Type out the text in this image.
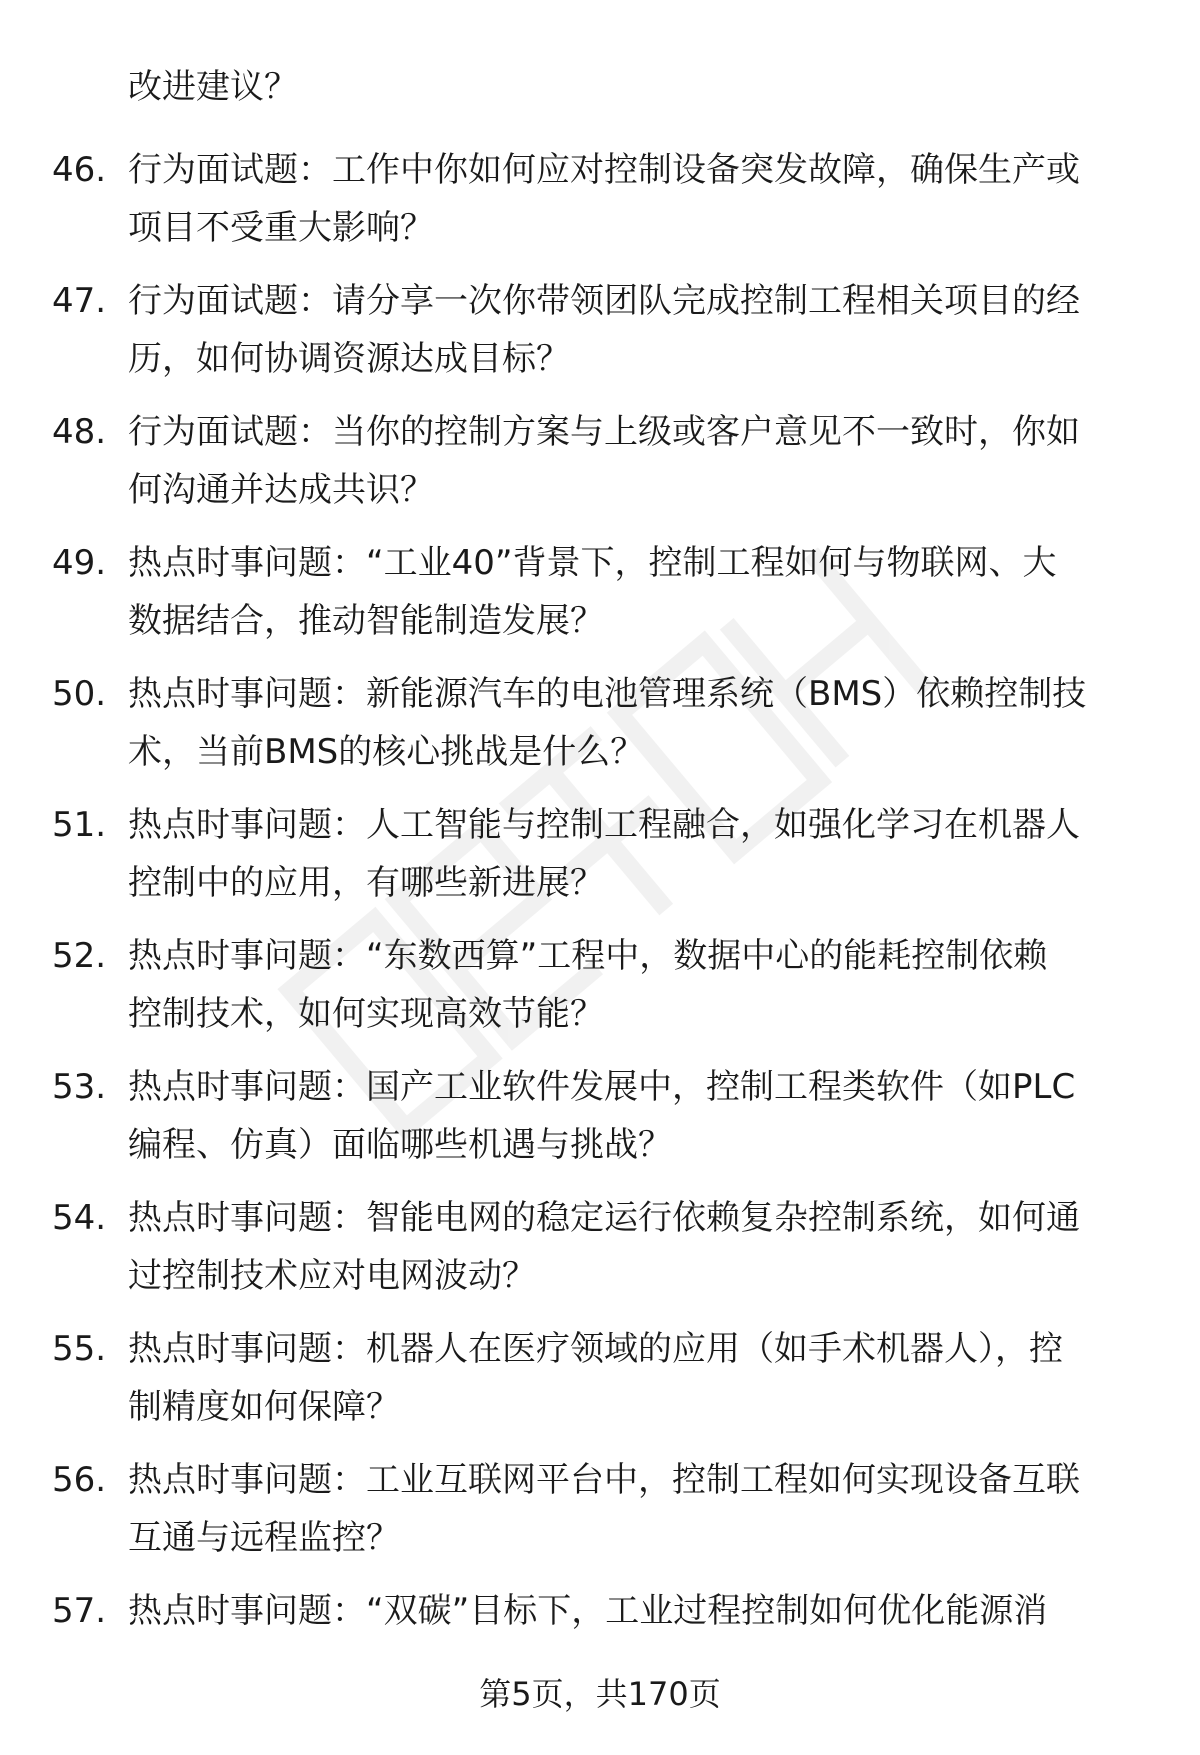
改进建议？
46. 行为面试题：工作中你如何应对控制设备突发故障，确保生产或
项目不受重大影响？
47. 行为面试题：请分享一次你带领团队完成控制工程相关项目的经
历，如何协调资源达成目标？
48. 行为面试题：当你的控制方案与上级或客户意见不一致时，你如
何沟通并达成共识？
49. 热点时事问题：“工业40”背景下，控制工程如何与物联网、大
数据结合，推动智能制造发展？
50. 热点时事问题：新能源汽车的电池管理系统（BMS）依赖控制技
术，当前BMS的核心挑战是什么？
51. 热点时事问题：人工智能与控制工程融合，如强化学习在机器人
控制中的应用，有哪些新进展？
52. 热点时事问题：“东数西算”工程中，数据中心的能耗控制依赖
控制技术，如何实现高效节能？
53. 热点时事问题：国产工业软件发展中，控制工程类软件（如PLC
编程、仿真）面临哪些机遇与挑战？
54. 热点时事问题：智能电网的稳定运行依赖复杂控制系统，如何通
过控制技术应对电网波动？
55. 热点时事问题：机器人在医疗领域的应用（如手术机器人），控
制精度如何保障？
56. 热点时事问题：工业互联网平台中，控制工程如何实现设备互联
互通与远程监控？
57. 热点时事问题：“双碳”目标下，工业过程控制如何优化能源消
第5页，共170页
